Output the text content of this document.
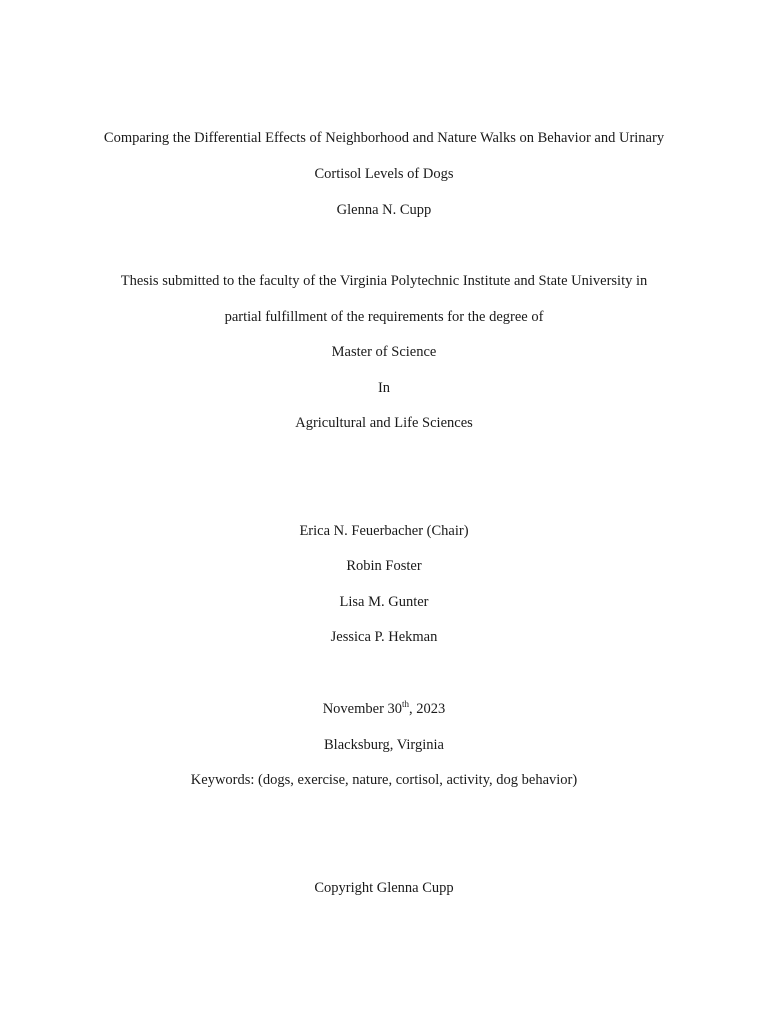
Comparing the Differential Effects of Neighborhood and Nature Walks on Behavior and Urinary
Cortisol Levels of Dogs
Glenna N. Cupp
Thesis submitted to the faculty of the Virginia Polytechnic Institute and State University in
partial fulfillment of the requirements for the degree of
Master of Science
In
Agricultural and Life Sciences
Erica N. Feuerbacher (Chair)
Robin Foster
Lisa M. Gunter
Jessica P. Hekman
November 30th, 2023
Blacksburg, Virginia
Keywords: (dogs, exercise, nature, cortisol, activity, dog behavior)
Copyright Glenna Cupp
